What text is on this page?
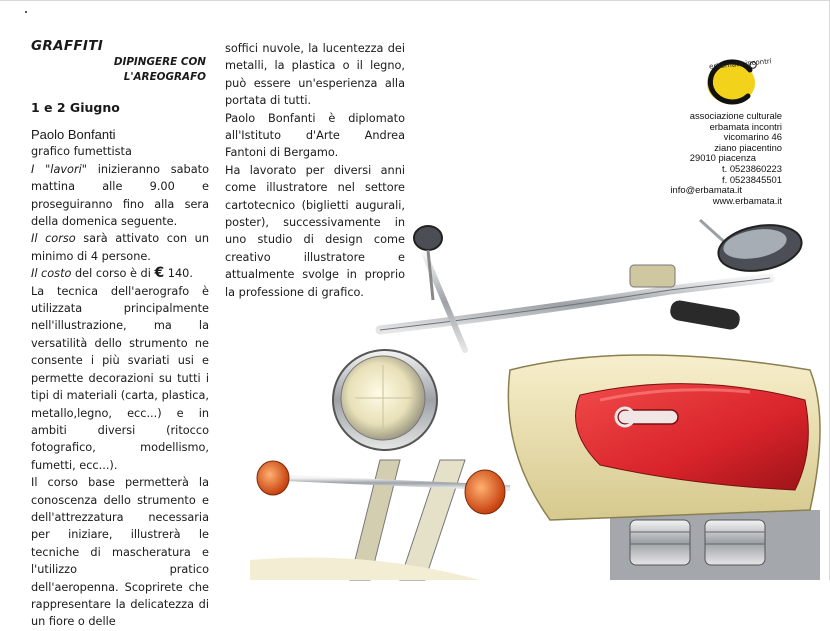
GRAFFITI
DIPINGERE CON L'AREOGRAFO
1 e 2 Giugno
Paolo Bonfanti
grafico fumettista

I "lavori" inizieranno sabato mattina alle 9.00 e proseguiranno fino alla sera della domenica seguente.

Il corso sarà attivato con un minimo di 4 persone.

Il costo del corso è di € 140.

La tecnica dell'aerografo è utilizzata principalmente nell'illustrazione, ma la versatilità dello strumento ne consente i più svariati usi e permette decorazioni su tutti i tipi di materiali (carta, plastica, metallo,legno, ecc...) e in ambiti diversi (ritocco fotografico, modellismo, fumetti, ecc...).

Il corso base permetterà la conoscenza dello strumento e dell'attrezzatura necessaria per iniziare, illustrerà le tecniche di mascheratura e l'utilizzo pratico dell'aeropenna. Scoprirete che rappresentare la delicatezza di un fiore o delle

soffici nuvole, la lucentezza dei metalli, la plastica o il legno, può essere un'esperienza alla portata di tutti.

Paolo Bonfanti è diplomato all'Istituto d'Arte Andrea Fantoni di Bergamo.

Ha lavorato per diversi anni come illustratore nel settore cartotecnico (biglietti augurali, poster), successivamente in uno studio di design come creativo illustratore e attualmente svolge in proprio la professione di grafico.

erbamata incontri
associazione culturale
erbamata incontri
vicomarino 46
ziano piacentino
29010 piacenza
t. 0523860223
f. 0523845501
info@erbamata.it
www.erbamata.it
